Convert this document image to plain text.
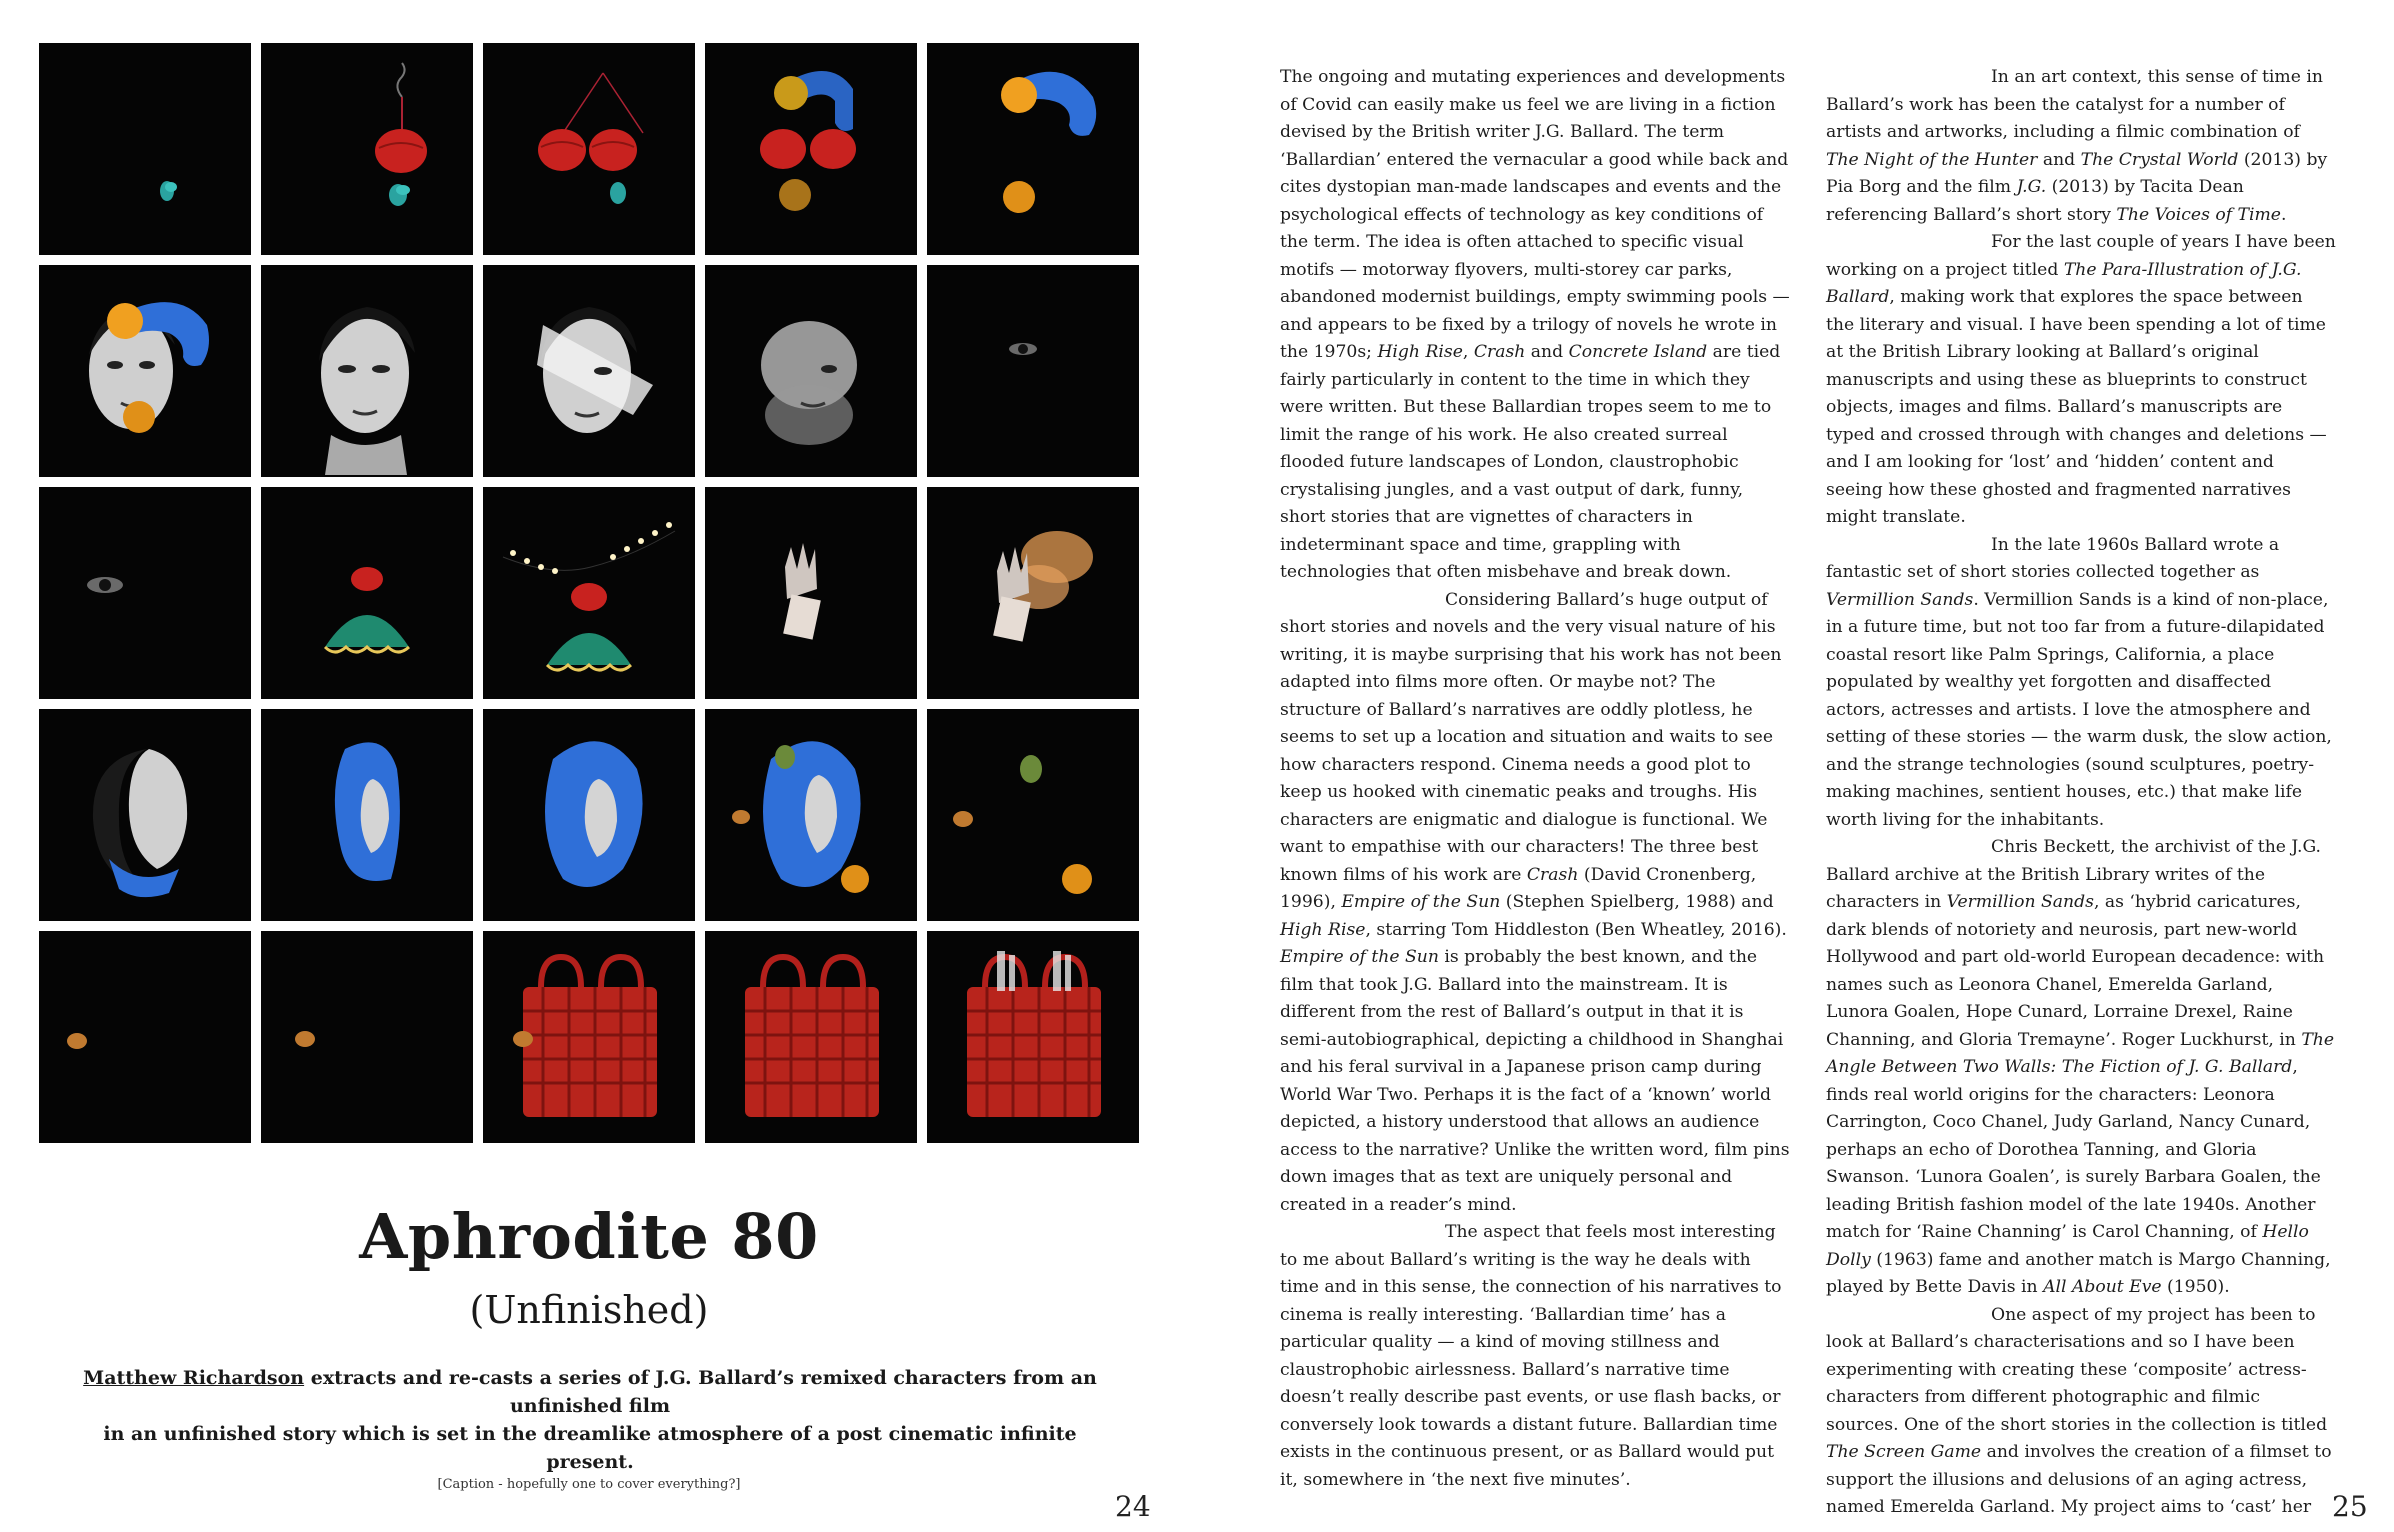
Aphrodite 80
(Unfinished)
Matthew Richardson extracts and re-casts a series of J.G. Ballard’s remixed characters from an unfinished film
in an unfinished story which is set in the dreamlike atmosphere of a post cinematic infinite present.
[Caption - hopefully one to cover everything?]
24

The ongoing and mutating experiences and developments of Covid can easily make us feel we are living in a fiction devised by the British writer J.G. Ballard. The term ‘Ballardian’ entered the vernacular a good while back and cites dystopian man-made landscapes and events and the psychological effects of technology as key conditions of the term. The idea is often attached to specific visual motifs — motorway flyovers, multi-storey car parks, abandoned modernist buildings, empty swimming pools — and appears to be fixed by a trilogy of novels he wrote in the 1970s; High Rise, Crash and Concrete Island are tied fairly particularly in content to the time in which they were written. But these Ballardian tropes seem to me to limit the range of his work. He also created surreal flooded future landscapes of London, claustrophobic crystalising jungles, and a vast output of dark, funny, short stories that are vignettes of characters in indeterminant space and time, grappling with technologies that often misbehave and break down.

Considering Ballard’s huge output of short stories and novels and the very visual nature of his writing, it is maybe surprising that his work has not been adapted into films more often. Or maybe not? The structure of Ballard’s narratives are oddly plotless, he seems to set up a location and situation and waits to see how characters respond. Cinema needs a good plot to keep us hooked with cinematic peaks and troughs. His characters are enigmatic and dialogue is functional. We want to empathise with our characters! The three best known films of his work are Crash (David Cronenberg, 1996), Empire of the Sun (Stephen Spielberg, 1988) and High Rise, starring Tom Hiddleston (Ben Wheatley, 2016). Empire of the Sun is probably the best known, and the film that took J.G. Ballard into the mainstream. It is different from the rest of Ballard’s output in that it is semi-autobiographical, depicting a childhood in Shanghai and his feral survival in a Japanese prison camp during World War Two. Perhaps it is the fact of a ‘known’ world depicted, a history understood that allows an audience access to the narrative? Unlike the written word, film pins down images that as text are uniquely personal and created in a reader’s mind.

The aspect that feels most interesting to me about Ballard’s writing is the way he deals with time and in this sense, the connection of his narratives to cinema is really interesting. ‘Ballardian time’ has a particular quality — a kind of moving stillness and claustrophobic airlessness. Ballard’s narrative time doesn’t really describe past events, or use flash backs, or conversely look towards a distant future. Ballardian time exists in the continuous present, or as Ballard would put it, somewhere in ‘the next five minutes’.

In an art context, this sense of time in Ballard’s work has been the catalyst for a number of artists and artworks, including a filmic combination of The Night of the Hunter and The Crystal World (2013) by Pia Borg and the film J.G. (2013) by Tacita Dean referencing Ballard’s short story The Voices of Time.

For the last couple of years I have been working on a project titled The Para-Illustration of J.G. Ballard, making work that explores the space between the literary and visual. I have been spending a lot of time at the British Library looking at Ballard’s original manuscripts and using these as blueprints to construct objects, images and films. Ballard’s manuscripts are typed and crossed through with changes and deletions — and I am looking for ‘lost’ and ‘hidden’ content and seeing how these ghosted and fragmented narratives might translate.

In the late 1960s Ballard wrote a fantastic set of short stories collected together as Vermillion Sands. Vermillion Sands is a kind of non-place, in a future time, but not too far from a future-dilapidated coastal resort like Palm Springs, California, a place populated by wealthy yet forgotten and disaffected actors, actresses and artists. I love the atmosphere and setting of these stories — the warm dusk, the slow action, and the strange technologies (sound sculptures, poetry-making machines, sentient houses, etc.) that make life worth living for the inhabitants.

Chris Beckett, the archivist of the J.G. Ballard archive at the British Library writes of the characters in Vermillion Sands, as ‘hybrid caricatures, dark blends of notoriety and neurosis, part new-world Hollywood and part old-world European decadence: with names such as Leonora Chanel, Emerelda Garland, Lunora Goalen, Hope Cunard, Lorraine Drexel, Raine Channing, and Gloria Tremayne’. Roger Luckhurst, in The Angle Between Two Walls: The Fiction of J. G. Ballard, finds real world origins for the characters: Leonora Carrington, Coco Chanel, Judy Garland, Nancy Cunard, perhaps an echo of Dorothea Tanning, and Gloria Swanson. ‘Lunora Goalen’, is surely Barbara Goalen, the leading British fashion model of the late 1940s. Another match for ‘Raine Channing’ is Carol Channing, of Hello Dolly (1963) fame and another match is Margo Channing, played by Bette Davis in All About Eve (1950).

One aspect of my project has been to look at Ballard’s characterisations and so I have been experimenting with creating these ‘composite’ actress-characters from different photographic and filmic sources. One of the short stories in the collection is titled The Screen Game and involves the creation of a filmset to support the illusions and delusions of an aging actress, named Emerelda Garland. My project aims to ‘cast’ her 25
